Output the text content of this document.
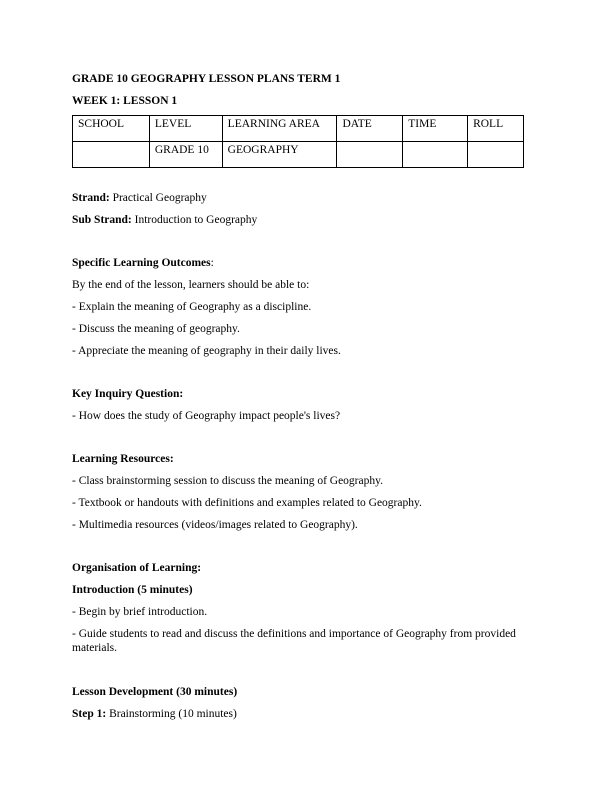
GRADE 10 GEOGRAPHY LESSON PLANS TERM 1
WEEK 1: LESSON 1
SCHOOL	LEVEL	LEARNING AREA	DATE	TIME	ROLL
	GRADE 10	GEOGRAPHY			
Strand: Practical Geography
Sub Strand: Introduction to Geography
Specific Learning Outcomes:
By the end of the lesson, learners should be able to:
- Explain the meaning of Geography as a discipline.
- Discuss the meaning of geography.
- Appreciate the meaning of geography in their daily lives.
Key Inquiry Question:
- How does the study of Geography impact people's lives?
Learning Resources:
- Class brainstorming session to discuss the meaning of Geography.
- Textbook or handouts with definitions and examples related to Geography.
- Multimedia resources (videos/images related to Geography).
Organisation of Learning:
Introduction (5 minutes)
- Begin by brief introduction.
- Guide students to read and discuss the definitions and importance of Geography from provided materials.
Lesson Development (30 minutes)
Step 1: Brainstorming (10 minutes)
